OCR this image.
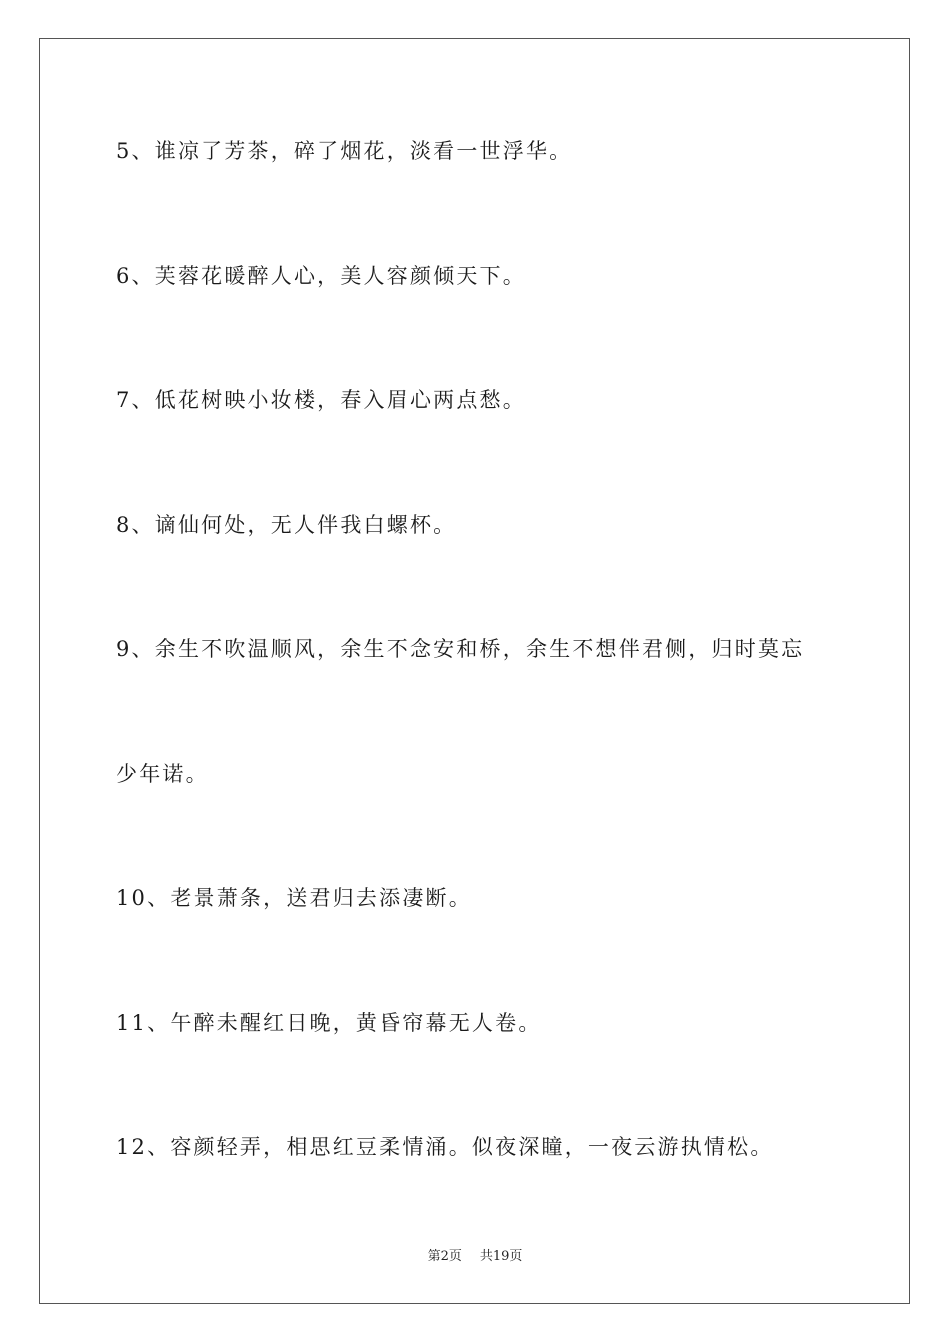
5、谁凉了芳茶，碎了烟花，淡看一世浮华。
6、芙蓉花暖醉人心，美人容颜倾天下。
7、低花树映小妆楼，春入眉心两点愁。
8、谪仙何处，无人伴我白螺杯。
9、余生不吹温顺风，余生不念安和桥，余生不想伴君侧，归时莫忘
少年诺。
10、老景萧条，送君归去添凄断。
11、午醉未醒红日晚，黄昏帘幕无人卷。
12、容颜轻弄，相思红豆柔情涌。似夜深瞳，一夜云游执情松。
第2页 共19页
